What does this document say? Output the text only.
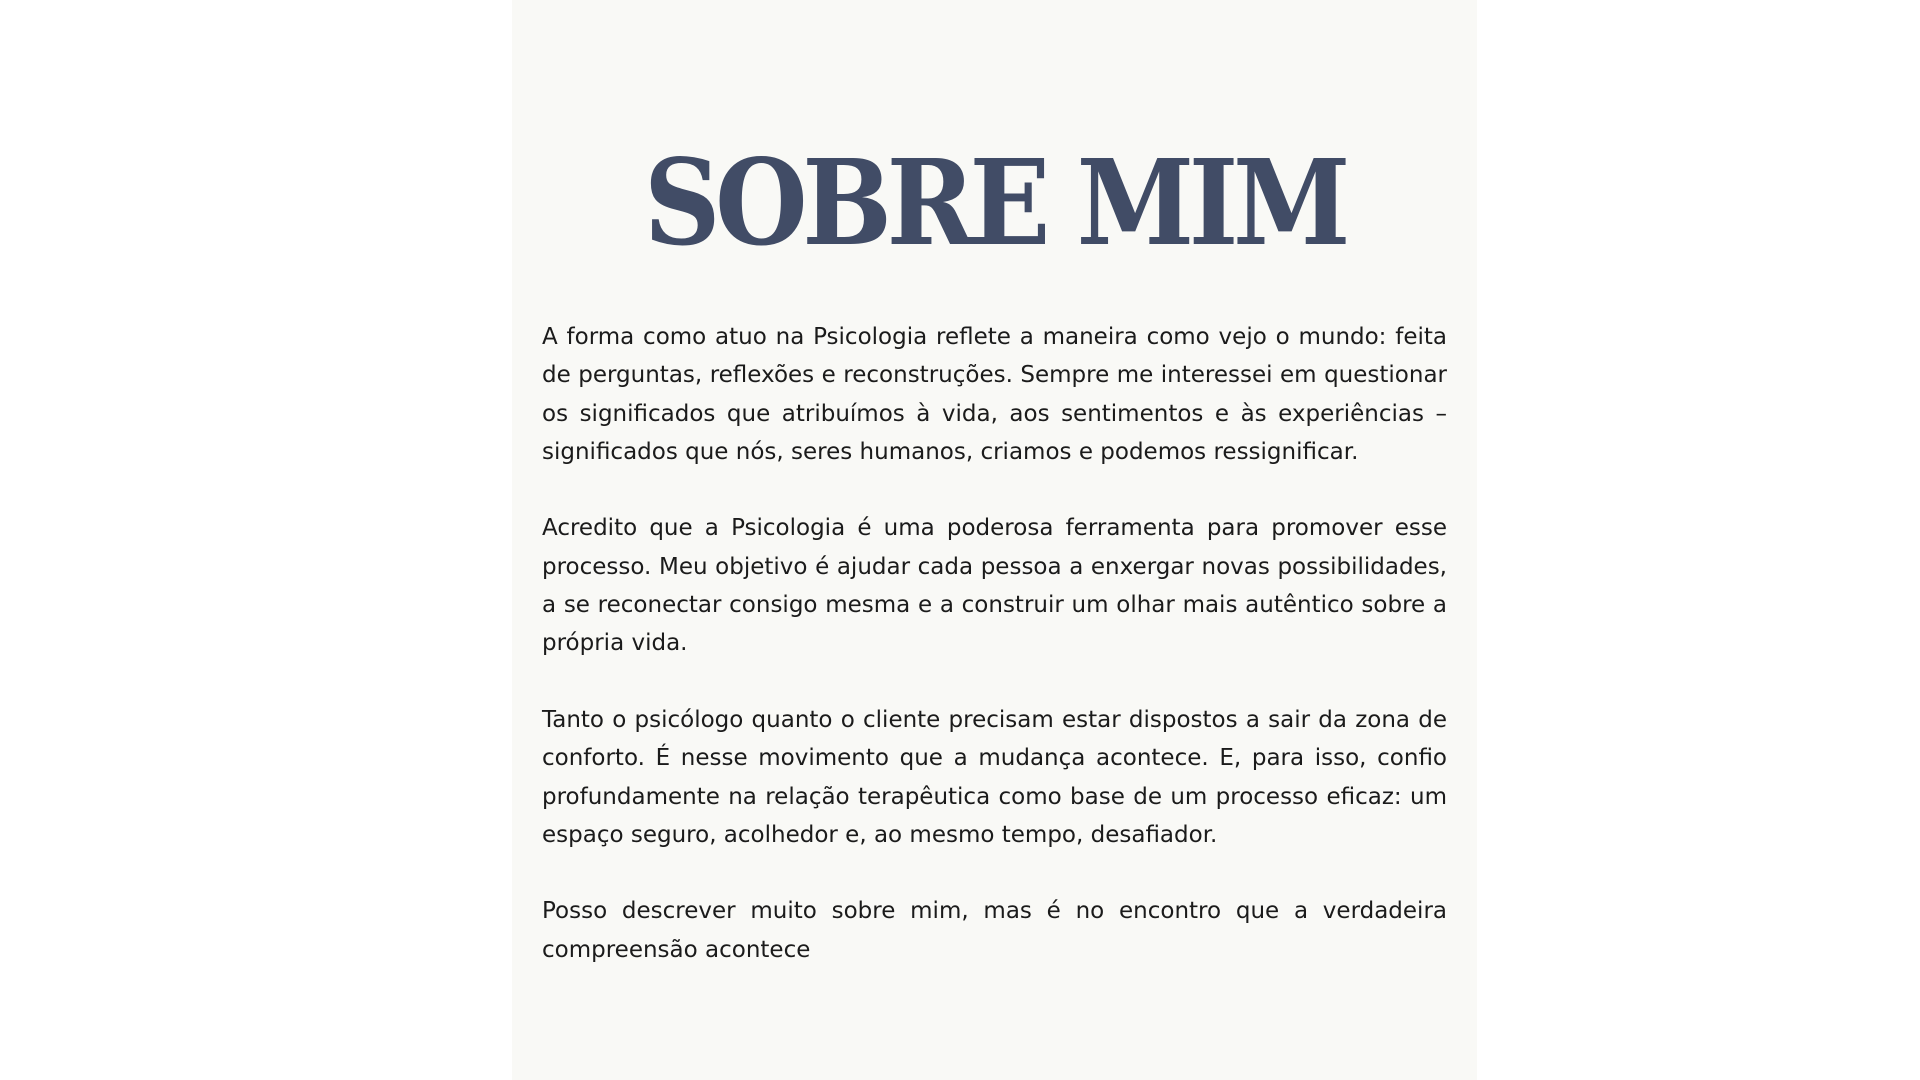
SOBRE MIM

A forma como atuo na Psicologia reflete a maneira como vejo o mundo: feita de perguntas, reflexões e reconstruções. Sempre me interessei em questionar os significados que atribuímos à vida, aos sentimentos e às experiências – significados que nós, seres humanos, criamos e podemos ressignificar.

Acredito que a Psicologia é uma poderosa ferramenta para promover esse processo. Meu objetivo é ajudar cada pessoa a enxergar novas possibilidades, a se reconectar consigo mesma e a construir um olhar mais autêntico sobre a própria vida.

Tanto o psicólogo quanto o cliente precisam estar dispostos a sair da zona de conforto. É nesse movimento que a mudança acontece. E, para isso, confio profundamente na relação terapêutica como base de um processo eficaz: um espaço seguro, acolhedor e, ao mesmo tempo, desafiador.

Posso descrever muito sobre mim, mas é no encontro que a verdadeira compreensão acontece
